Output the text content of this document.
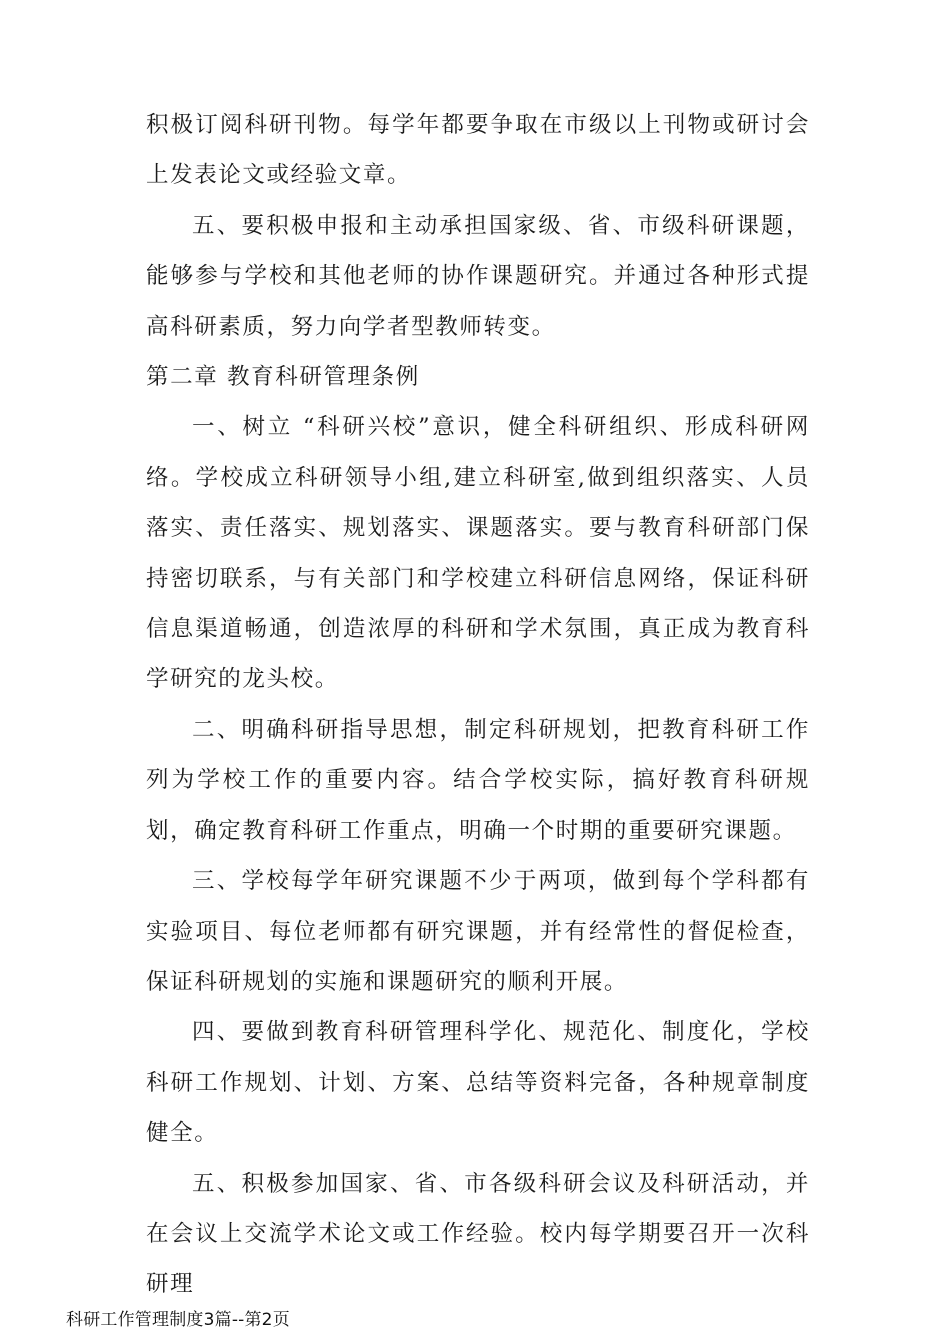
积极订阅科研刊物。每学年都要争取在市级以上刊物或研讨会上发表论文或经验文章。

五、要积极申报和主动承担国家级、省、市级科研课题，能够参与学校和其他老师的协作课题研究。并通过各种形式提高科研素质，努力向学者型教师转变。

第二章 教育科研管理条例

一、树立 “科研兴校”意识，健全科研组织、形成科研网络。学校成立科研领导小组,建立科研室,做到组织落实、人员落实、责任落实、规划落实、课题落实。要与教育科研部门保持密切联系，与有关部门和学校建立科研信息网络，保证科研信息渠道畅通，创造浓厚的科研和学术氛围，真正成为教育科学研究的龙头校。

二、明确科研指导思想，制定科研规划，把教育科研工作列为学校工作的重要内容。结合学校实际，搞好教育科研规划，确定教育科研工作重点，明确一个时期的重要研究课题。

三、学校每学年研究课题不少于两项，做到每个学科都有实验项目、每位老师都有研究课题，并有经常性的督促检查，保证科研规划的实施和课题研究的顺利开展。

四、要做到教育科研管理科学化、规范化、制度化，学校科研工作规划、计划、方案、总结等资料完备，各种规章制度健全。

五、积极参加国家、省、市各级科研会议及科研活动，并在会议上交流学术论文或工作经验。校内每学期要召开一次科研理

科研工作管理制度3篇--第2页
